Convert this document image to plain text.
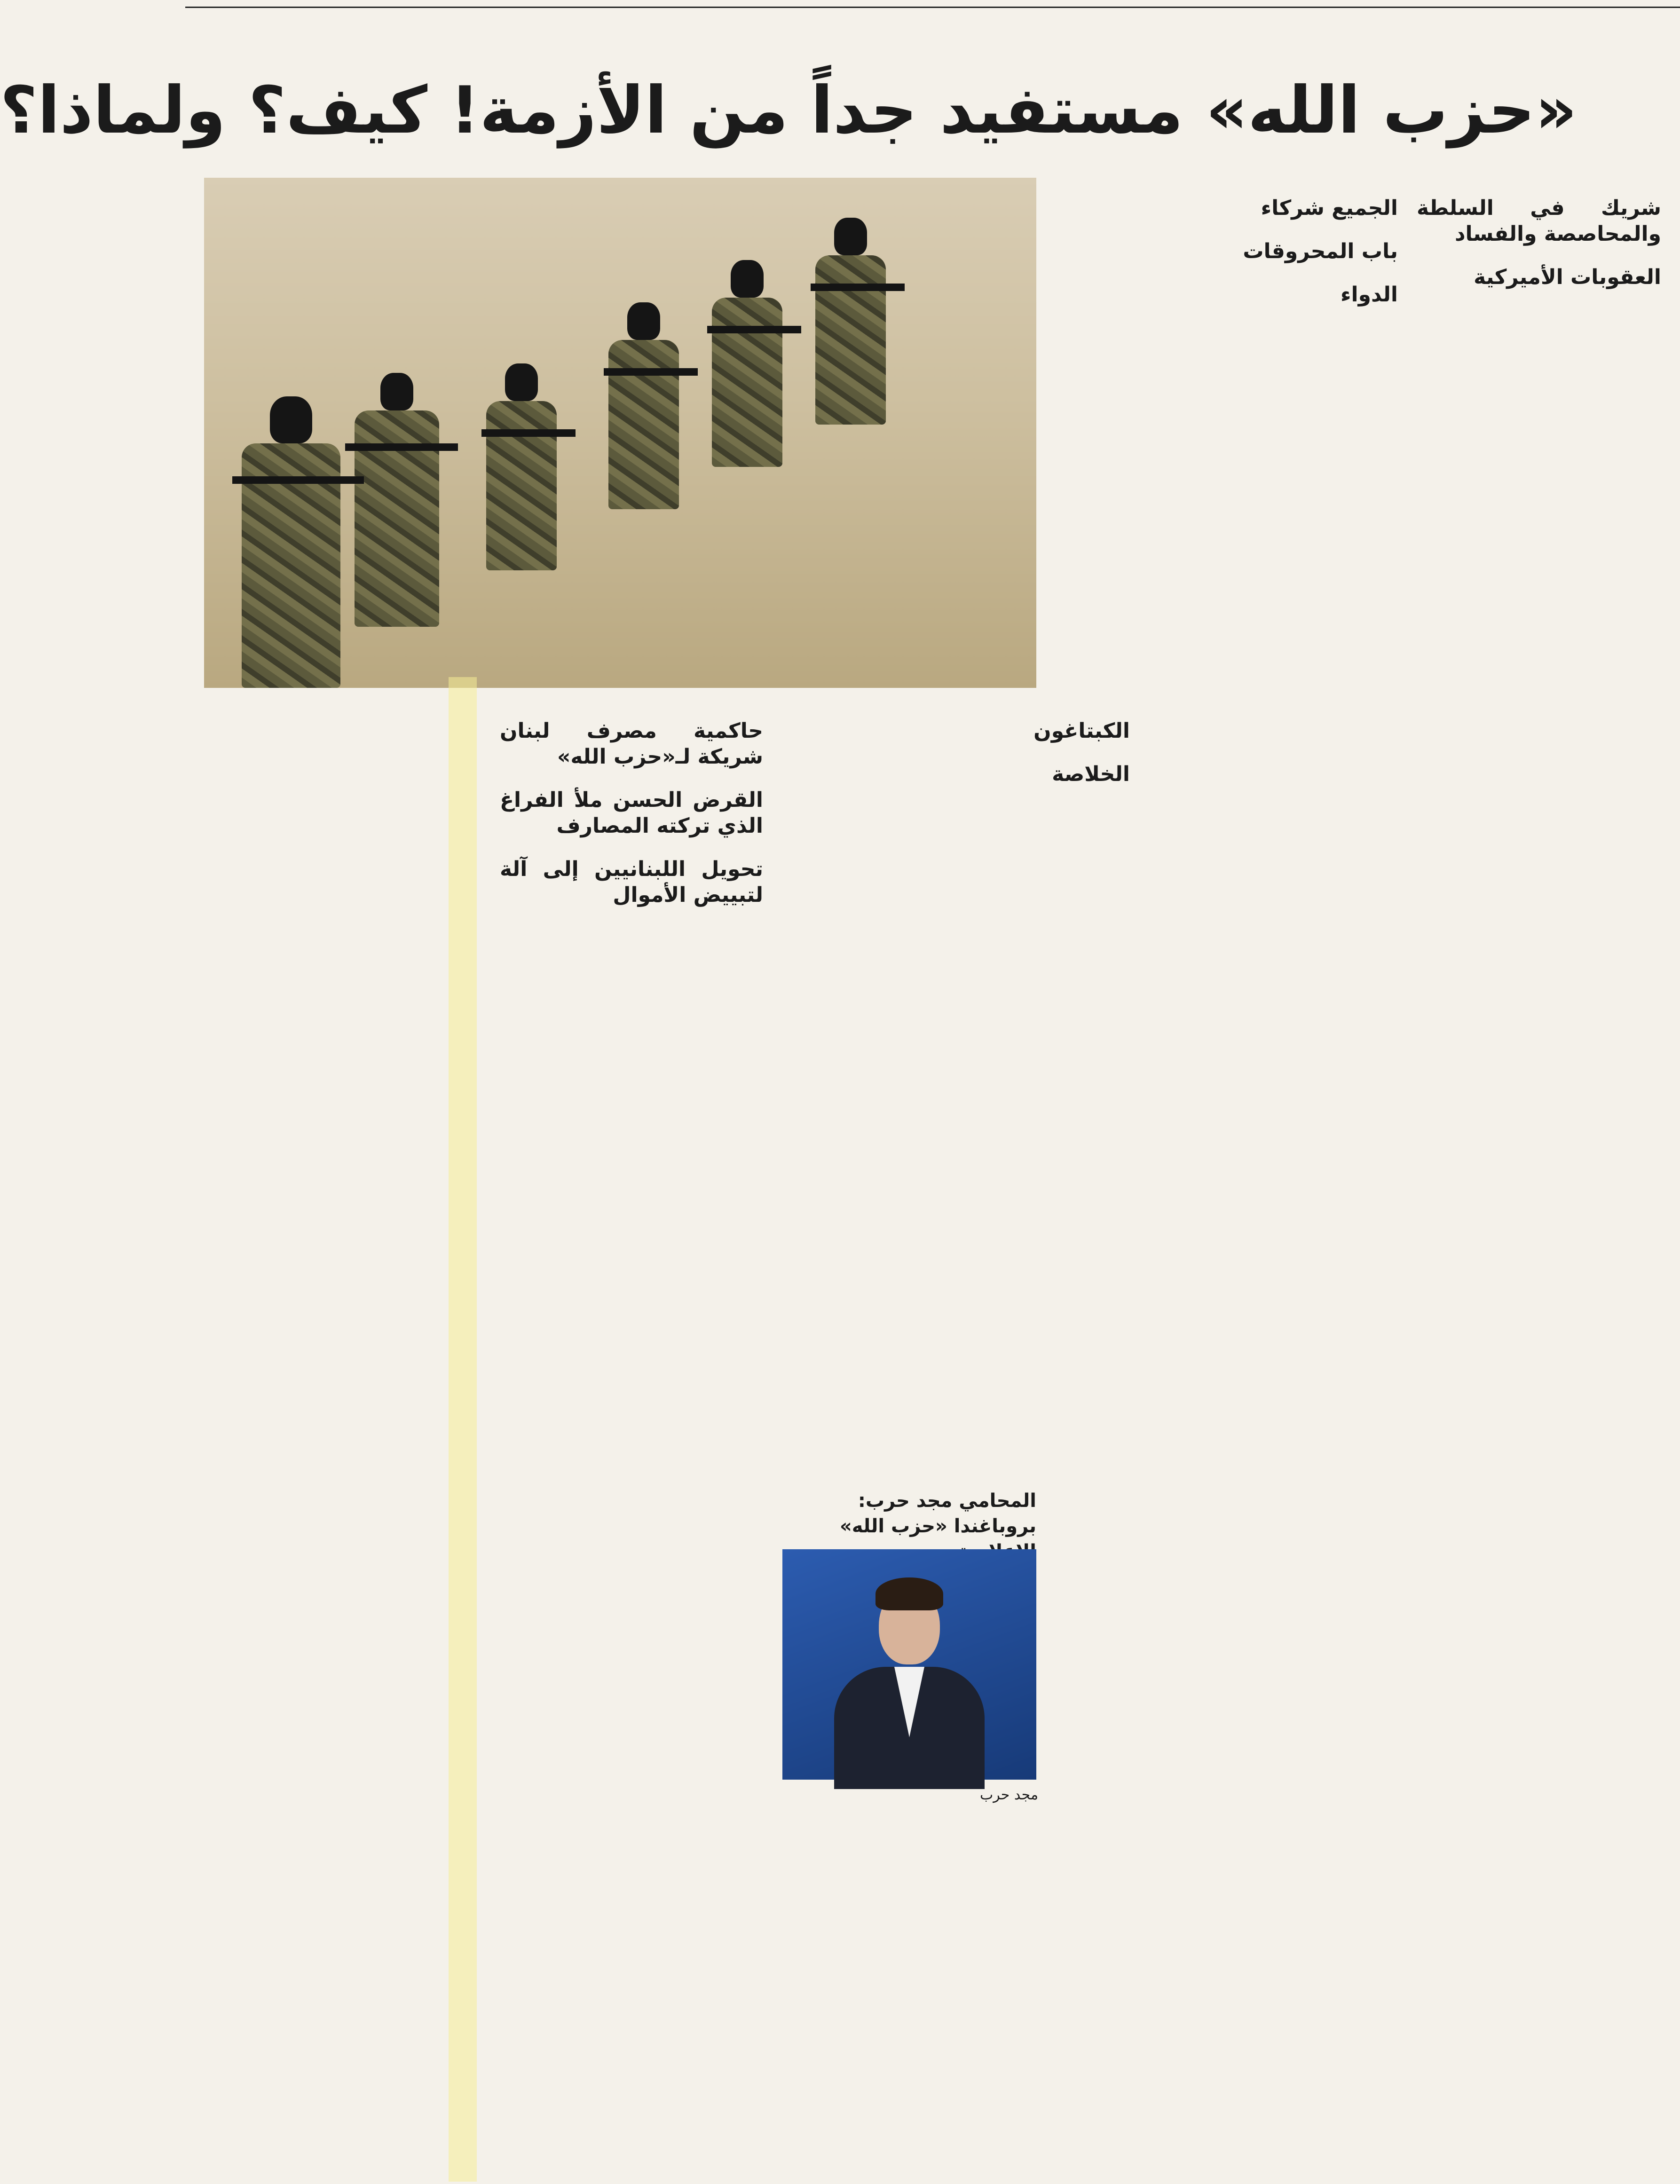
«حزب الله» مستفيد جداً من الأزمة! كيف؟ ولماذا؟

شريك في السلطة والمحاصصة والفساد

العقوبات الأميركية

الجميع شركاء

باب المحروقات

الدواء

الكبتاغون

الخلاصة

المحامي مجد حرب:
بروباغندا «حزب الله»
مجد حرب

حاكمية مصرف لبنان شريكة لـ«حزب الله»

القرض الحسن ملأ الفراغ الذي تركته المصارف

تحويل اللبنانيين إلى آلة لتبييض الأموال
